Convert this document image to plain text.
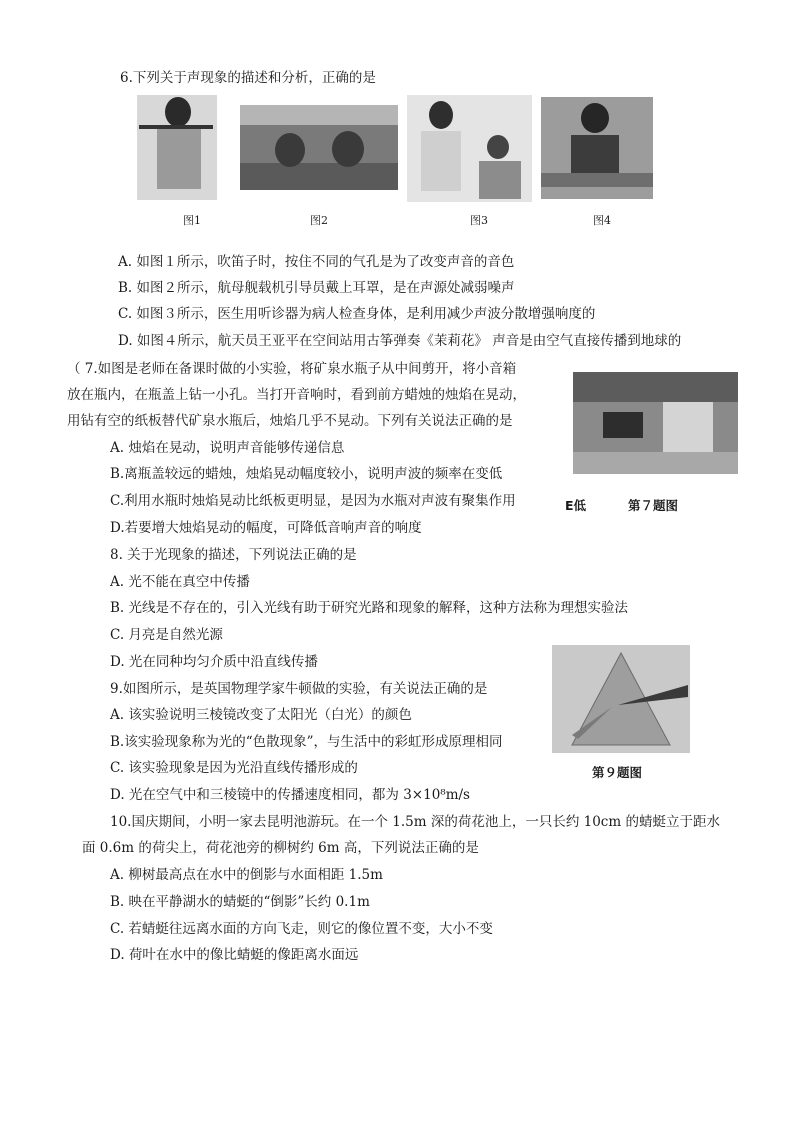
6.下列关于声现象的描述和分析，正确的是
图1	图2	图3	图4
A. 如图１所示，吹笛子时，按住不同的气孔是为了改变声音的音色
B. 如图２所示，航母舰载机引导员戴上耳罩，是在声源处减弱噪声
C. 如图３所示，医生用听诊器为病人检查身体，是利用减少声波分散增强响度的
D. 如图４所示，航天员王亚平在空间站用古筝弹奏《茉莉花》 声音是由空气直接传播到地球的
（ 7.如图是老师在备课时做的小实验，将矿泉水瓶子从中间剪开，将小音箱
放在瓶内，在瓶盖上钻一小孔。当打开音响时，看到前方蜡烛的烛焰在晃动，
用钻有空的纸板替代矿泉水瓶后，烛焰几乎不晃动。下列有关说法正确的是
A. 烛焰在晃动，说明声音能够传递信息
B.离瓶盖较远的蜡烛，烛焰晃动幅度较小，说明声波的频率在变低
C.利用水瓶时烛焰晃动比纸板更明显，是因为水瓶对声波有聚集作用
D.若要增大烛焰晃动的幅度，可降低音响声音的响度
E低	第７题图
8. 关于光现象的描述，下列说法正确的是
A. 光不能在真空中传播
B. 光线是不存在的，引入光线有助于研究光路和现象的解释，这种方法称为理想实验法
C. 月亮是自然光源
D. 光在同种均匀介质中沿直线传播
9.如图所示，是英国物理学家牛顿做的实验，有关说法正确的是
A. 该实验说明三棱镜改变了太阳光（白光）的颜色
B.该实验现象称为光的“色散现象”，与生活中的彩虹形成原理相同
C. 该实验现象是因为光沿直线传播形成的
D. 光在空气中和三棱镜中的传播速度相同，都为 3×10⁸m/s
第９题图
10.国庆期间，小明一家去昆明池游玩。在一个 1.5m 深的荷花池上，一只长约 10cm 的蜻蜓立于距水
面 0.6m 的荷尖上，荷花池旁的柳树约 6m 高，下列说法正确的是
A. 柳树最高点在水中的倒影与水面相距 1.5m
B. 映在平静湖水的蜻蜓的“倒影”长约 0.1m
C. 若蜻蜓往远离水面的方向飞走，则它的像位置不变，大小不变
D. 荷叶在水中的像比蜻蜓的像距离水面远
